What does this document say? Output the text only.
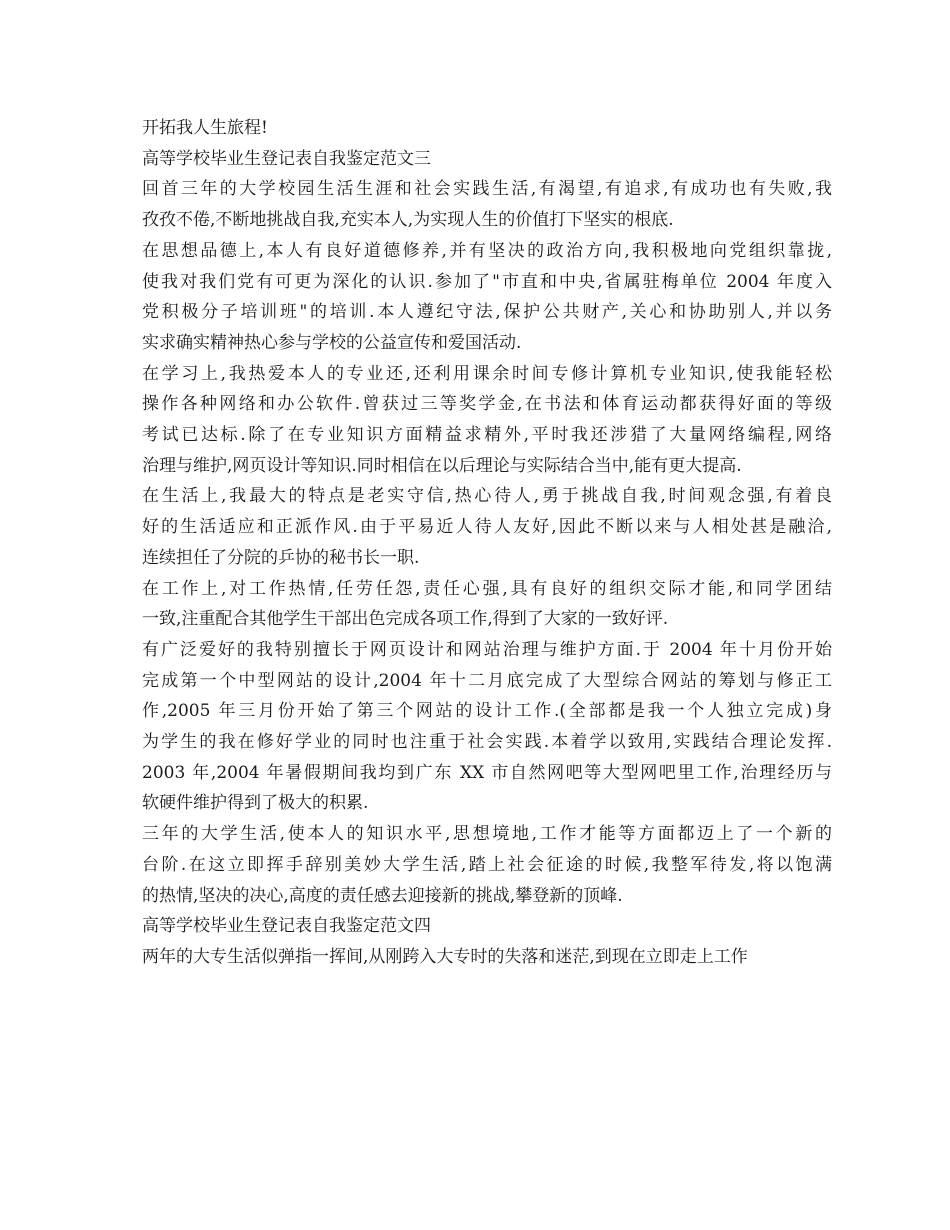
开拓我人生旅程!

高等学校毕业生登记表自我鉴定范文三

回首三年的大学校园生活生涯和社会实践生活,有渴望,有追求,有成功也有失败,我
孜孜不倦,不断地挑战自我,充实本人,为实现人生的价值打下坚实的根底.

在思想品德上,本人有良好道德修养,并有坚决的政治方向,我积极地向党组织靠拢,
使我对我们党有可更为深化的认识.参加了"市直和中央,省属驻梅单位 2004 年度入
党积极分子培训班"的培训.本人遵纪守法,保护公共财产,关心和协助别人,并以务
实求确实精神热心参与学校的公益宣传和爱国活动.

在学习上,我热爱本人的专业还,还利用课余时间专修计算机专业知识,使我能轻松
操作各种网络和办公软件.曾获过三等奖学金,在书法和体育运动都获得好面的等级
考试已达标.除了在专业知识方面精益求精外,平时我还涉猎了大量网络编程,网络
治理与维护,网页设计等知识.同时相信在以后理论与实际结合当中,能有更大提高.

在生活上,我最大的特点是老实守信,热心待人,勇于挑战自我,时间观念强,有着良
好的生活适应和正派作风.由于平易近人待人友好,因此不断以来与人相处甚是融洽,
连续担任了分院的乒协的秘书长一职.

在工作上,对工作热情,任劳任怨,责任心强,具有良好的组织交际才能,和同学团结
一致,注重配合其他学生干部出色完成各项工作,得到了大家的一致好评.

有广泛爱好的我特别擅长于网页设计和网站治理与维护方面.于 2004 年十月份开始
完成第一个中型网站的设计,2004 年十二月底完成了大型综合网站的筹划与修正工
作,2005 年三月份开始了第三个网站的设计工作.(全部都是我一个人独立完成)身
为学生的我在修好学业的同时也注重于社会实践.本着学以致用,实践结合理论发挥.
2003 年,2004 年暑假期间我均到广东 XX 市自然网吧等大型网吧里工作,治理经历与
软硬件维护得到了极大的积累.

三年的大学生活,使本人的知识水平,思想境地,工作才能等方面都迈上了一个新的
台阶.在这立即挥手辞别美妙大学生活,踏上社会征途的时候,我整军待发,将以饱满
的热情,坚决的决心,高度的责任感去迎接新的挑战,攀登新的顶峰.

高等学校毕业生登记表自我鉴定范文四

两年的大专生活似弹指一挥间,从刚跨入大专时的失落和迷茫,到现在立即走上工作
